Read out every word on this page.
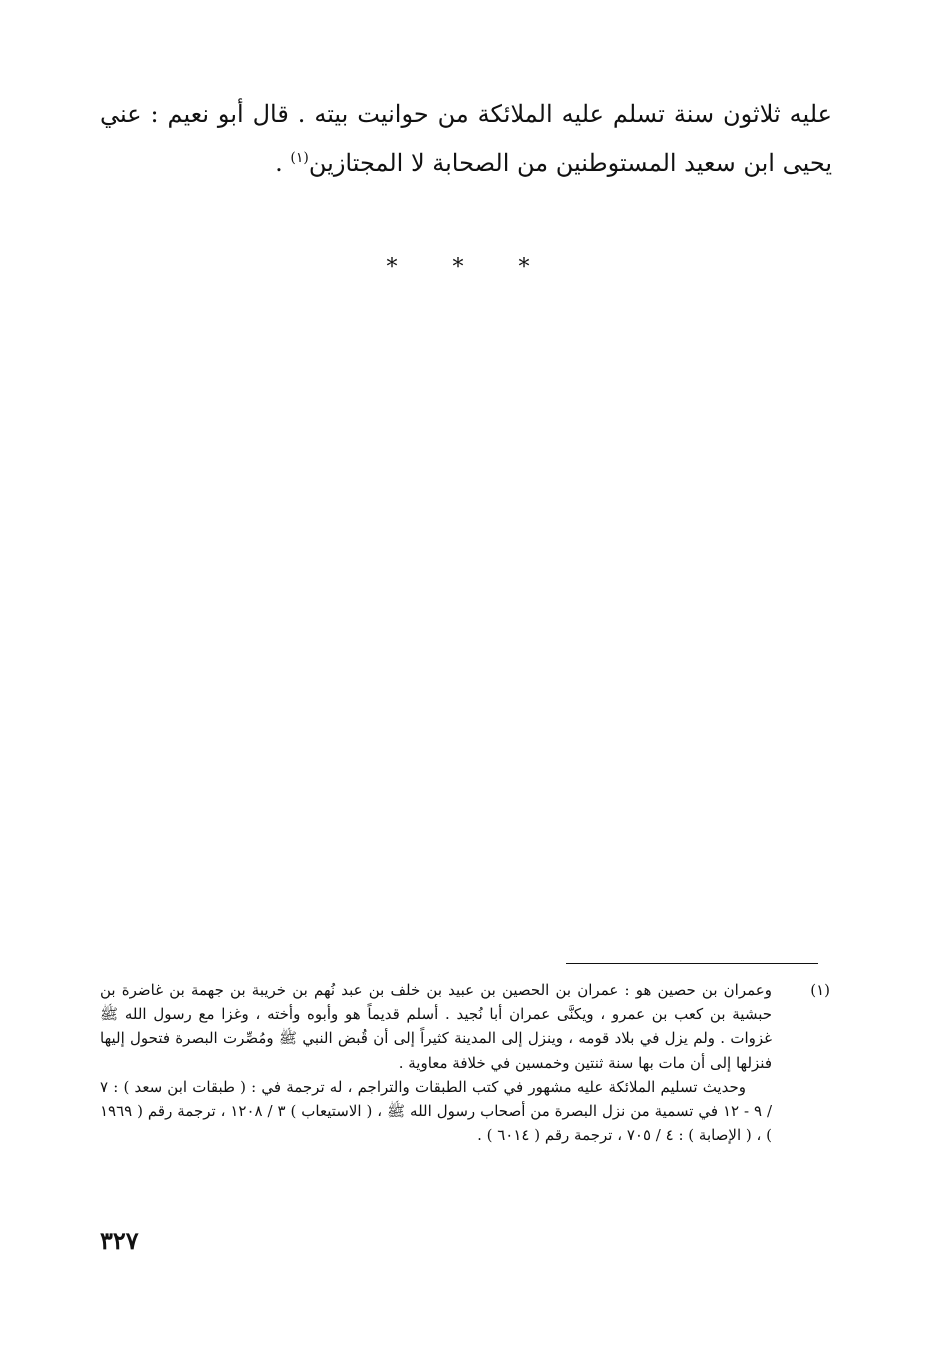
عليه ثلاثون سنة تسلم عليه الملائكة من حوانيت بيته . قال أبو نعيم : عني يحيى ابن سعيد المستوطنين من الصحابة لا المجتازين$^{(١)}$ .

* * *
(١)

وعمران بن حصين هو : عمران بن الحصين بن عبيد بن خلف بن عبد نُهم بن خريبة بن جهمة بن غاضرة بن حبشية بن كعب بن عمرو ، ويكنَّى عمران أبا نُجيد . أسلم قديماً هو وأبوه وأخته ، وغزا مع رسول الله ﷺ غزوات . ولم يزل في بلاد قومه ، وينزل إلى المدينة كثيراً إلى أن قُبض النبي ﷺ ومُصِّرت البصرة فتحول إليها فنزلها إلى أن مات بها سنة ثنتين وخمسين في خلافة معاوية .

وحديث تسليم الملائكة عليه مشهور في كتب الطبقات والتراجم ، له ترجمة في : ( طبقات ابن سعد ) : ٧ / ٩ - ١٢ في تسمية من نزل البصرة من أصحاب رسول الله ﷺ ، ( الاستيعاب ) ٣ / ١٢٠٨ ، ترجمة رقم ( ١٩٦٩ ) ، ( الإصابة ) : ٤ / ٧٠٥ ، ترجمة رقم ( ٦٠١٤ ) .

٣٢٧
